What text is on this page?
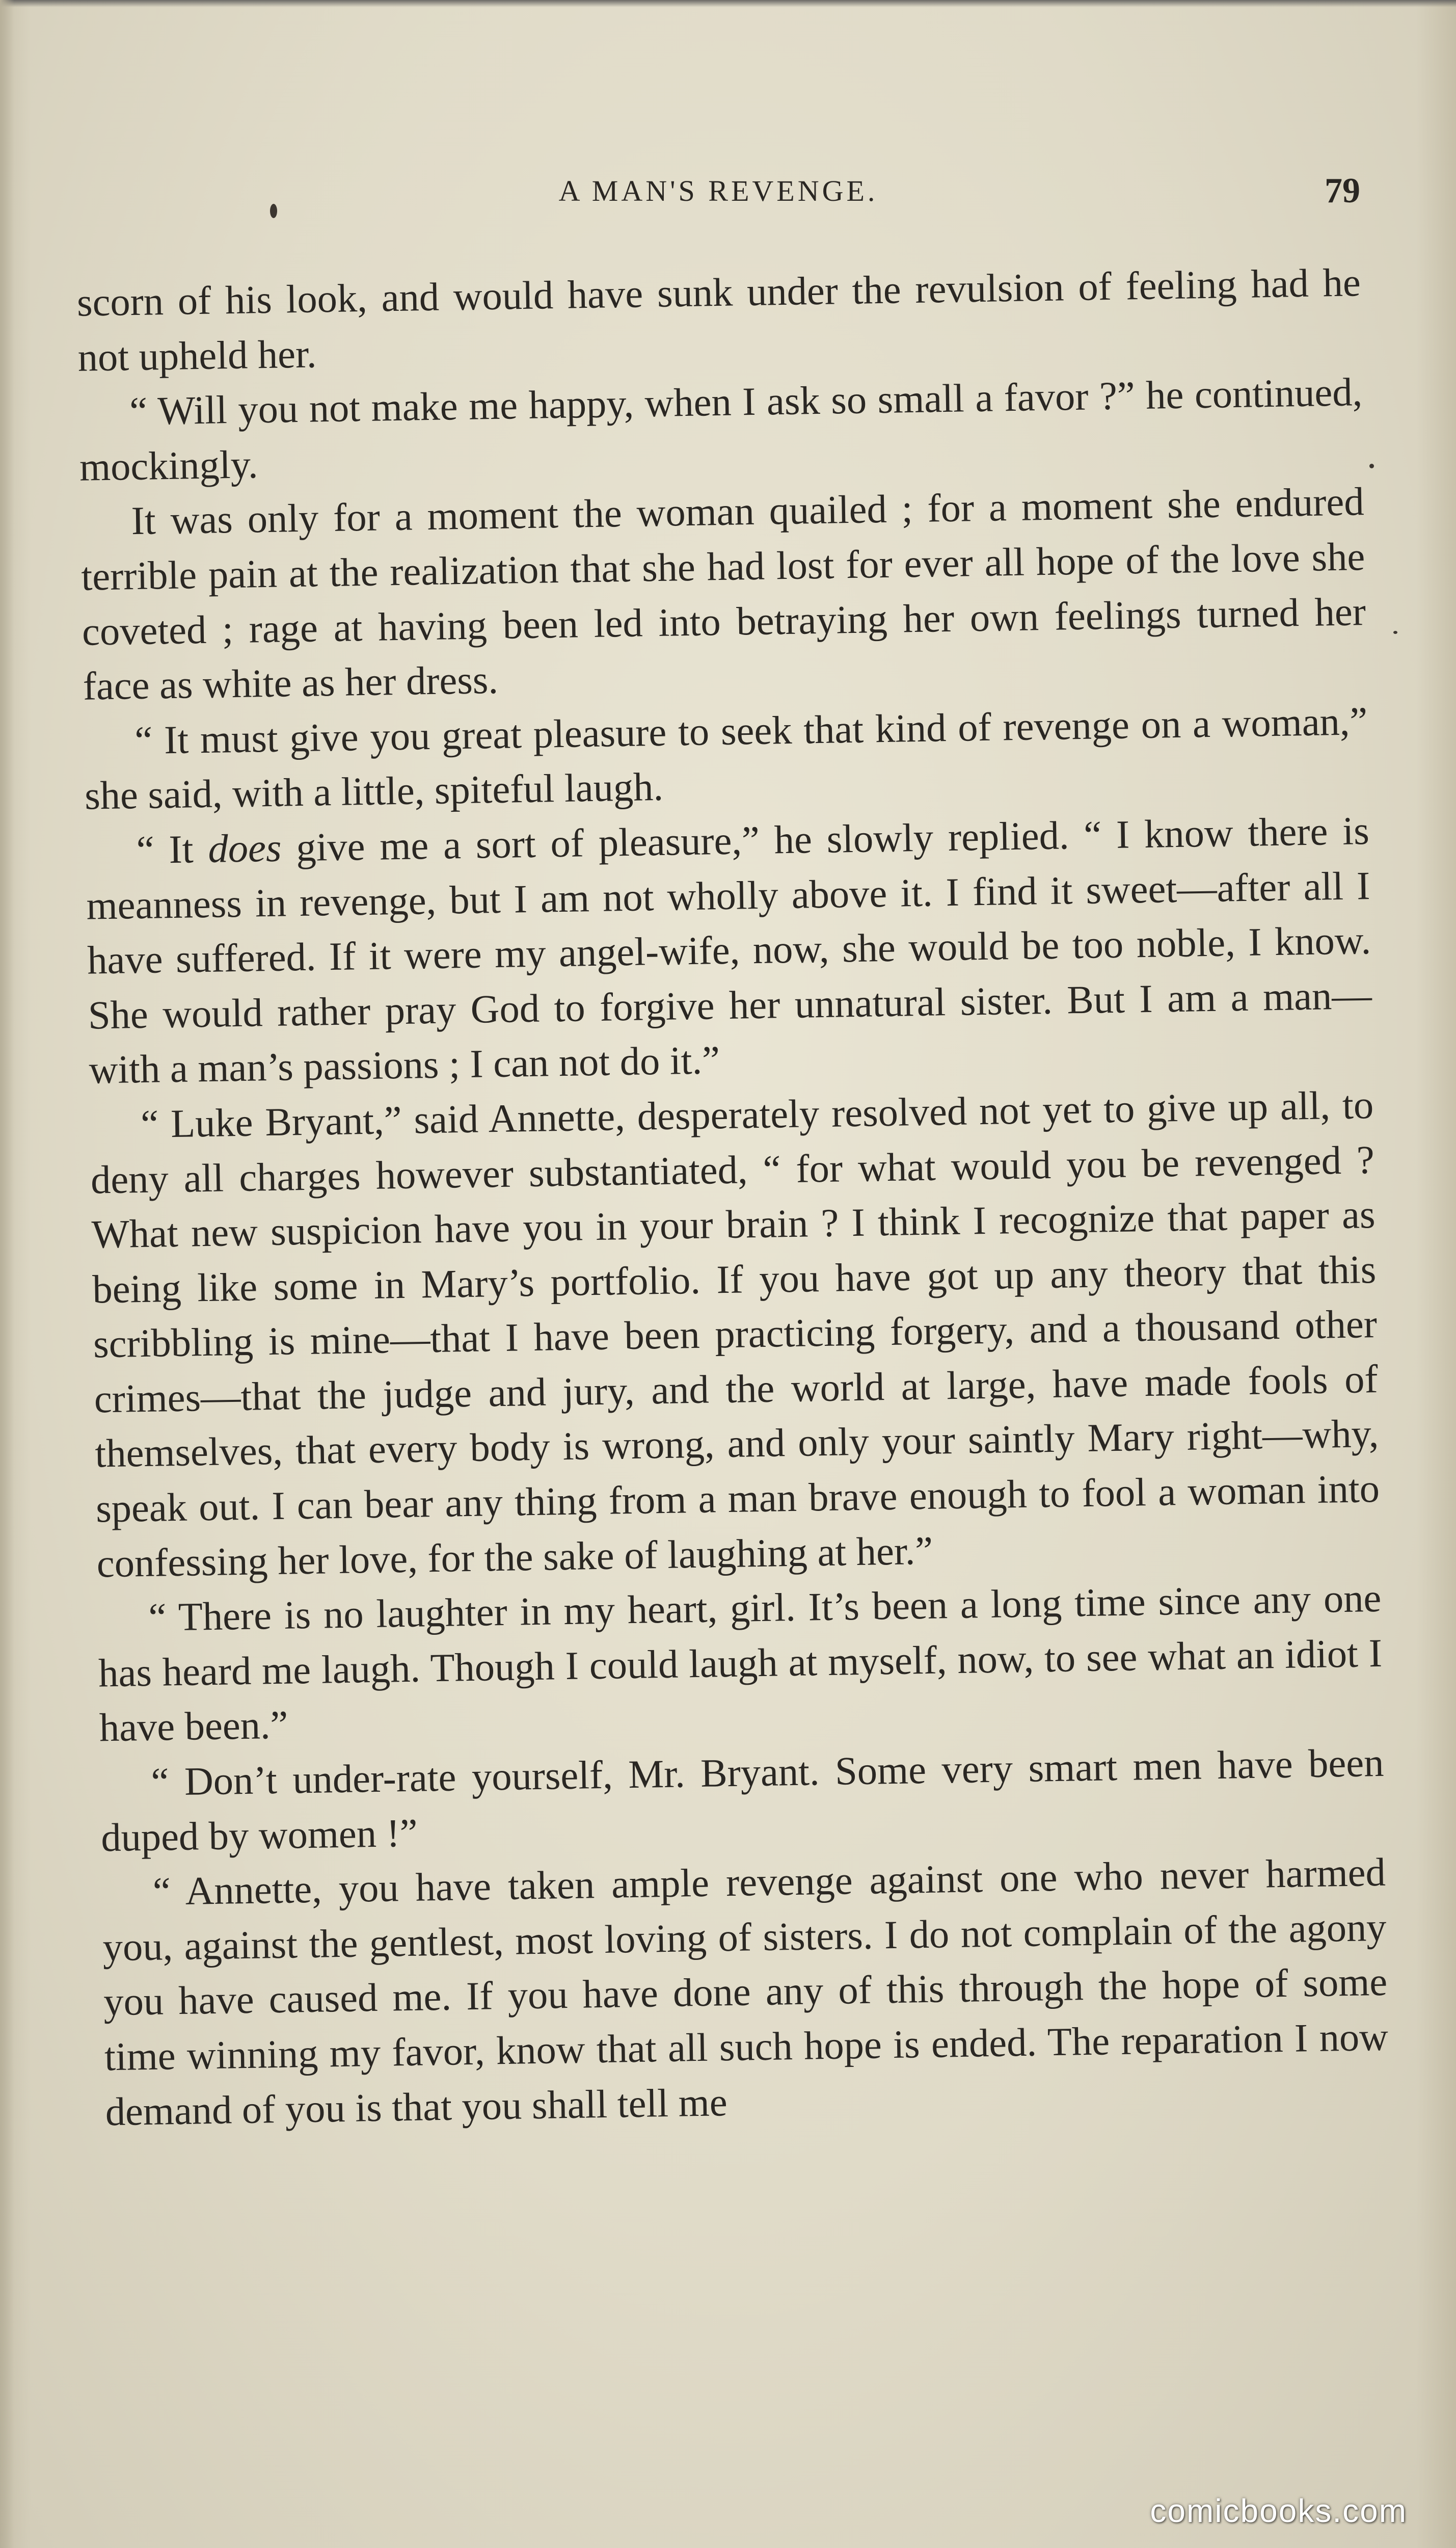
A MAN'S REVENGE.	79

scorn of his look, and would have sunk under the revulsion of feeling had he not upheld her.

“ Will you not make me happy, when I ask so small a favor ?” he continued, mockingly.

It was only for a moment the woman quailed ; for a moment she endured terrible pain at the realization that she had lost for ever all hope of the love she coveted ; rage at having been led into betraying her own feelings turned her face as white as her dress.

“ It must give you great pleasure to seek that kind of revenge on a woman,” she said, with a little, spiteful laugh.

“ It does give me a sort of pleasure,” he slowly replied. “ I know there is meanness in revenge, but I am not wholly above it. I find it sweet—after all I have suffered. If it were my angel-wife, now, she would be too noble, I know. She would rather pray God to forgive her unnatural sister. But I am a man—with a man’s passions ; I can not do it.”

“ Luke Bryant,” said Annette, desperately resolved not yet to give up all, to deny all charges however substantiated, “ for what would you be revenged ? What new suspicion have you in your brain ? I think I recognize that paper as being like some in Mary’s portfolio. If you have got up any theory that this scribbling is mine—that I have been practicing forgery, and a thousand other crimes—that the judge and jury, and the world at large, have made fools of themselves, that every body is wrong, and only your saintly Mary right—why, speak out. I can bear any thing from a man brave enough to fool a woman into confessing her love, for the sake of laughing at her.”

“ There is no laughter in my heart, girl. It’s been a long time since any one has heard me laugh. Though I could laugh at myself, now, to see what an idiot I have been.”

“ Don’t under-rate yourself, Mr. Bryant. Some very smart men have been duped by women !”

“ Annette, you have taken ample revenge against one who never harmed you, against the gentlest, most loving of sisters. I do not complain of the agony you have caused me. If you have done any of this through the hope of some time winning my favor, know that all such hope is ended. The reparation I now demand of you is that you shall tell me

comicbooks.com
